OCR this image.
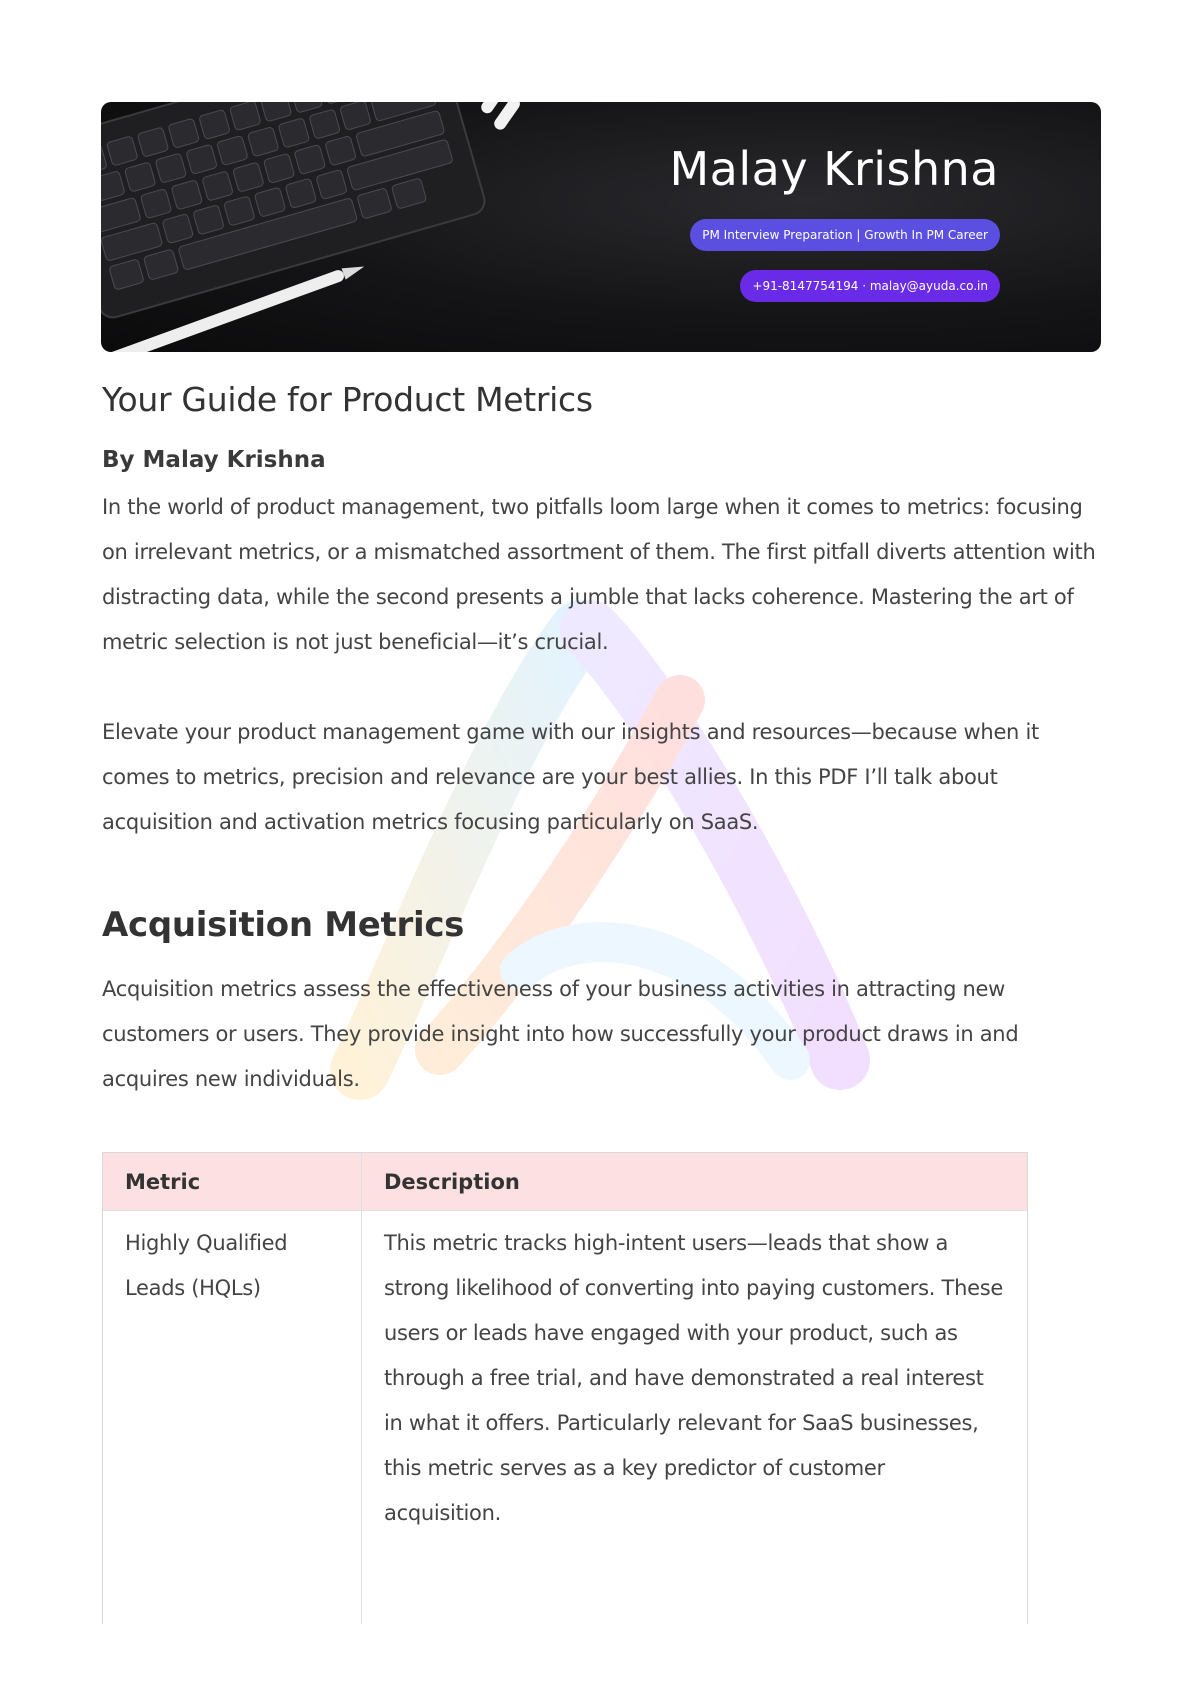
Malay Krishna
PM Interview Preparation | Growth In PM Career
+91-8147754194 · malay@ayuda.co.in
Your Guide for Product Metrics
By Malay Krishna

In the world of product management, two pitfalls loom large when it comes to metrics: focusing on irrelevant metrics, or a mismatched assortment of them. The first pitfall diverts attention with distracting data, while the second presents a jumble that lacks coherence. Mastering the art of metric selection is not just beneficial—it’s crucial.

Elevate your product management game with our insights and resources—because when it comes to metrics, precision and relevance are your best allies. In this PDF I’ll talk about acquisition and activation metrics focusing particularly on SaaS.

Acquisition Metrics

Acquisition metrics assess the effectiveness of your business activities in attracting new customers or users. They provide insight into how successfully your product draws in and acquires new individuals.

Metric	Description
Highly Qualified Leads (HQLs)
This metric tracks high-intent users—leads that show a strong likelihood of converting into paying customers. These users or leads have engaged with your product, such as through a free trial, and have demonstrated a real interest in what it offers. Particularly relevant for SaaS businesses, this metric serves as a key predictor of customer acquisition.
